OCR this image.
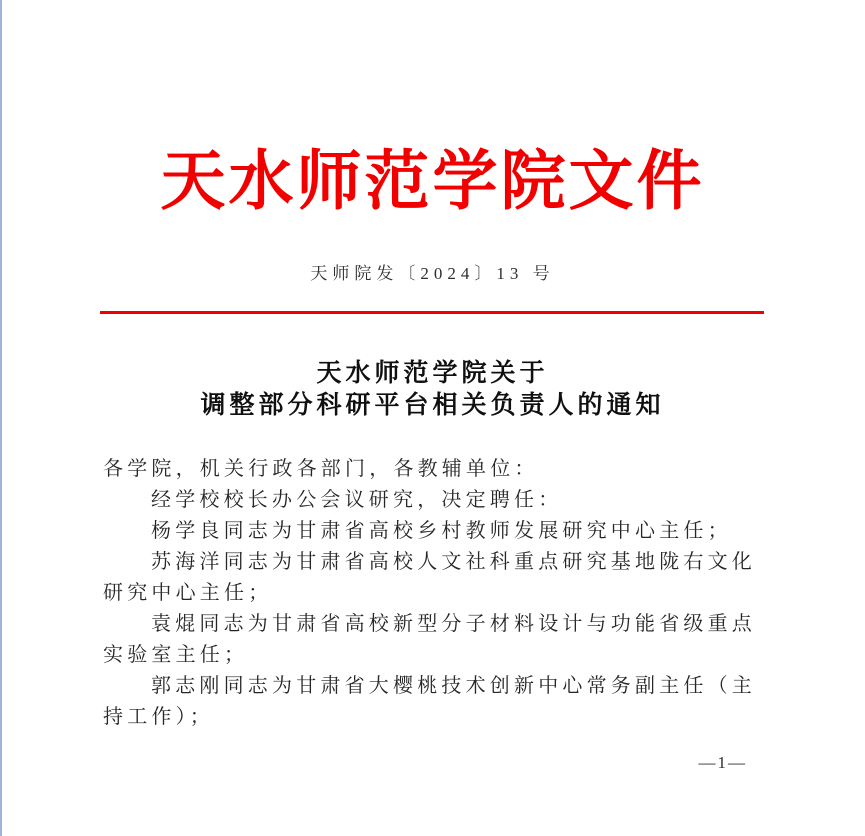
天水师范学院文件
天师院发〔2024〕13 号
天水师范学院关于
调整部分科研平台相关负责人的通知
各学院，机关行政各部门，各教辅单位：
经学校校长办公会议研究，决定聘任：
杨学良同志为甘肃省高校乡村教师发展研究中心主任；
苏海洋同志为甘肃省高校人文社科重点研究基地陇右文化
研究中心主任；
袁焜同志为甘肃省高校新型分子材料设计与功能省级重点
实验室主任；
郭志刚同志为甘肃省大樱桃技术创新中心常务副主任（主
持工作）；
—1—
